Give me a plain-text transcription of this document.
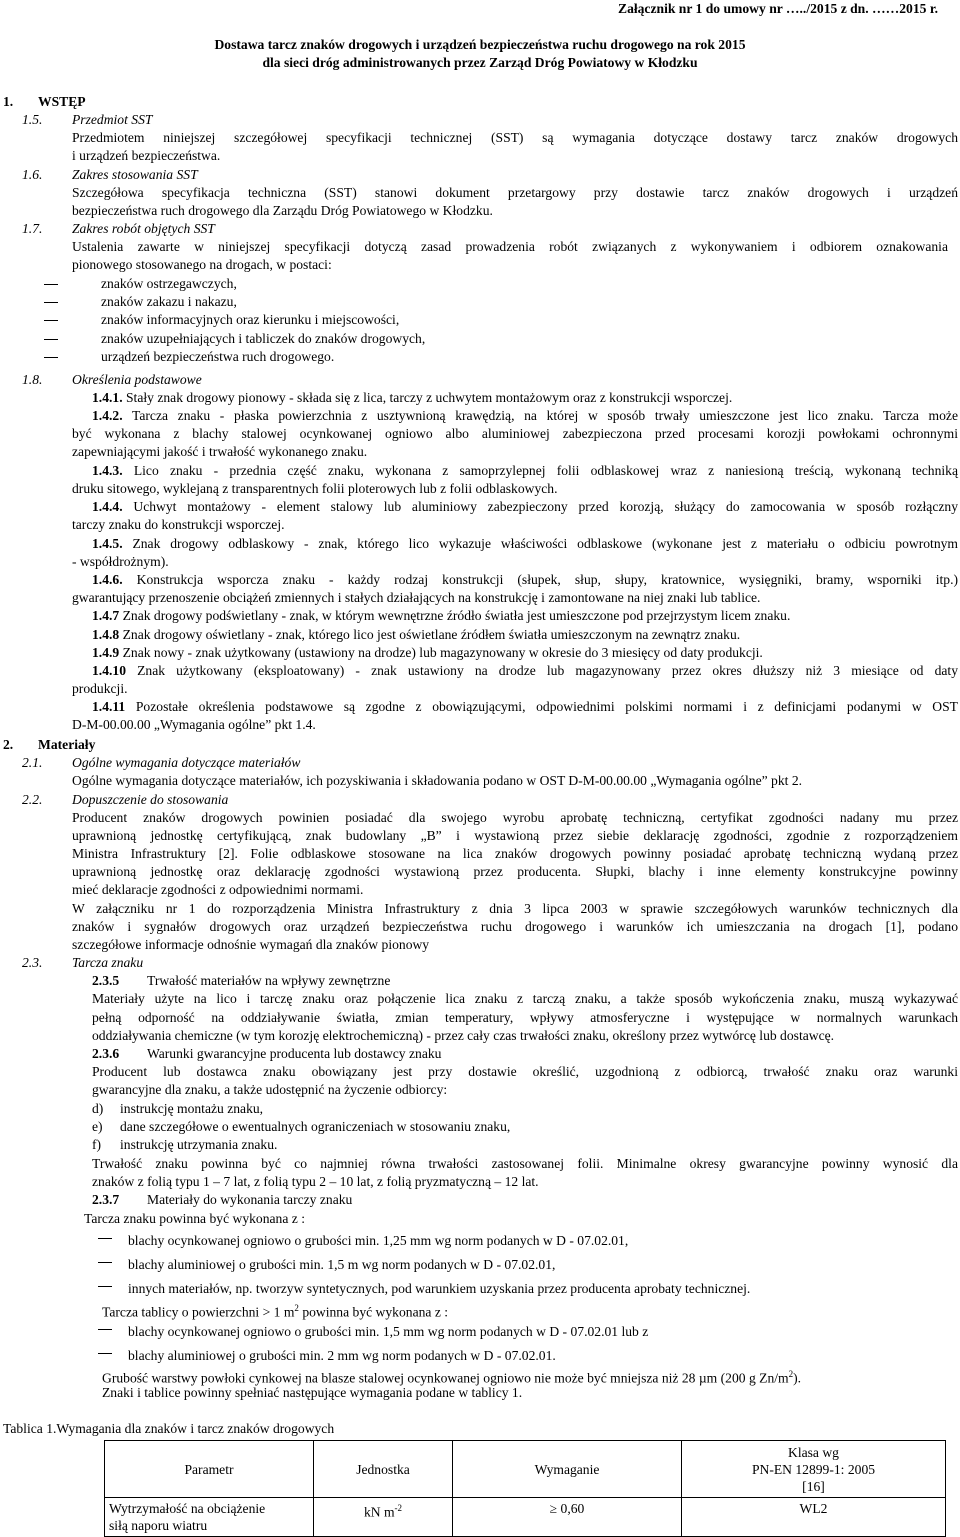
Załącznik nr 1 do umowy nr …../2015 z dn. ……2015 r.
Dostawa tarcz znaków drogowych i urządzeń bezpieczeństwa ruchu drogowego na rok 2015
dla sieci dróg administrowanych przez Zarząd Dróg Powiatowy w Kłodzku
1. WSTĘP
1.5. Przedmiot SST
Przedmiotem niniejszej szczegółowej specyfikacji technicznej (SST) są wymagania dotyczące dostawy tarcz znaków drogowych
i urządzeń bezpieczeństwa.
1.6. Zakres stosowania SST
Szczegółowa specyfikacja techniczna (SST) stanowi dokument przetargowy przy dostawie tarcz znaków drogowych i urządzeń
bezpieczeństwa ruch drogowego dla Zarządu Dróg Powiatowego w Kłodzku.
1.7. Zakres robót objętych SST
Ustalenia zawarte w niniejszej specyfikacji dotyczą zasad prowadzenia robót związanych z wykonywaniem i odbiorem oznakowania
pionowego stosowanego na drogach, w postaci:
znaków ostrzegawczych,
znaków zakazu i nakazu,
znaków informacyjnych oraz kierunku i miejscowości,
znaków uzupełniających i tabliczek do znaków drogowych,
urządzeń bezpieczeństwa ruch drogowego.
1.8. Określenia podstawowe
1.4.1. Stały znak drogowy pionowy - składa się z lica, tarczy z uchwytem montażowym oraz z konstrukcji wsporczej.
1.4.2. Tarcza znaku - płaska powierzchnia z usztywnioną krawędzią, na której w sposób trwały umieszczone jest lico znaku. Tarcza może
być wykonana z blachy stalowej ocynkowanej ogniowo albo aluminiowej zabezpieczona przed procesami korozji powłokami ochronnymi
zapewniającymi jakość i trwałość wykonanego znaku.
1.4.3. Lico znaku - przednia część znaku, wykonana z samoprzylepnej folii odblaskowej wraz z naniesioną treścią, wykonaną techniką
druku sitowego, wyklejaną z transparentnych folii ploterowych lub z folii odblaskowych.
1.4.4. Uchwyt montażowy - element stalowy lub aluminiowy zabezpieczony przed korozją, służący do zamocowania w sposób rozłączny
tarczy znaku do konstrukcji wsporczej.
1.4.5. Znak drogowy odblaskowy - znak, którego lico wykazuje właściwości odblaskowe (wykonane jest z materiału o odbiciu powrotnym
- współdrożnym).
1.4.6. Konstrukcja wsporcza znaku - każdy rodzaj konstrukcji (słupek, słup, słupy, kratownice, wysięgniki, bramy, wsporniki itp.)
gwarantujący przenoszenie obciążeń zmiennych i stałych działających na konstrukcję i zamontowane na niej znaki lub tablice.
1.4.7 Znak drogowy podświetlany - znak, w którym wewnętrzne źródło światła jest umieszczone pod przejrzystym licem znaku.
1.4.8 Znak drogowy oświetlany - znak, którego lico jest oświetlane źródłem światła umieszczonym na zewnątrz znaku.
1.4.9 Znak nowy - znak użytkowany (ustawiony na drodze) lub magazynowany w okresie do 3 miesięcy od daty produkcji.
1.4.10 Znak użytkowany (eksploatowany) - znak ustawiony na drodze lub magazynowany przez okres dłuższy niż 3 miesiące od daty
produkcji.
1.4.11 Pozostałe określenia podstawowe są zgodne z obowiązującymi, odpowiednimi polskimi normami i z definicjami podanymi w OST
D-M-00.00.00 „Wymagania ogólne” pkt 1.4.
2. Materiały
2.1. Ogólne wymagania dotyczące materiałów
Ogólne wymagania dotyczące materiałów, ich pozyskiwania i składowania podano w OST D-M-00.00.00 „Wymagania ogólne” pkt 2.
2.2. Dopuszczenie do stosowania
Producent znaków drogowych powinien posiadać dla swojego wyrobu aprobatę techniczną, certyfikat zgodności nadany mu przez
uprawnioną jednostkę certyfikującą, znak budowlany „B” i wystawioną przez siebie deklarację zgodności, zgodnie z rozporządzeniem
Ministra Infrastruktury [2]. Folie odblaskowe stosowane na lica znaków drogowych powinny posiadać aprobatę techniczną wydaną przez
uprawnioną jednostkę oraz deklarację zgodności wystawioną przez producenta. Słupki, blachy i inne elementy konstrukcyjne powinny
mieć deklaracje zgodności z odpowiednimi normami.
W załączniku nr 1 do rozporządzenia Ministra Infrastruktury z dnia 3 lipca 2003 w sprawie szczegółowych warunków technicznych dla
znaków i sygnałów drogowych oraz urządzeń bezpieczeństwa ruchu drogowego i warunków ich umieszczania na drogach [1], podano
szczegółowe informacje odnośnie wymagań dla znaków pionowy
2.3. Tarcza znaku
2.3.5 Trwałość materiałów na wpływy zewnętrzne
Materiały użyte na lico i tarczę znaku oraz połączenie lica znaku z tarczą znaku, a także sposób wykończenia znaku, muszą wykazywać
pełną odporność na oddziaływanie światła, zmian temperatury, wpływy atmosferyczne i występujące w normalnych warunkach
oddziaływania chemiczne (w tym korozję elektrochemiczną) - przez cały czas trwałości znaku, określony przez wytwórcę lub dostawcę.
2.3.6 Warunki gwarancyjne producenta lub dostawcy znaku
Producent lub dostawca znaku obowiązany jest przy dostawie określić, uzgodnioną z odbiorcą, trwałość znaku oraz warunki
gwarancyjne dla znaku, a także udostępnić na życzenie odbiorcy:
d) instrukcję montażu znaku,
e) dane szczegółowe o ewentualnych ograniczeniach w stosowaniu znaku,
f) instrukcję utrzymania znaku.
Trwałość znaku powinna być co najmniej równa trwałości zastosowanej folii. Minimalne okresy gwarancyjne powinny wynosić dla
znaków z folią typu 1 – 7 lat, z folią typu 2 – 10 lat, z folią pryzmatyczną – 12 lat.
2.3.7 Materiały do wykonania tarczy znaku
Tarcza znaku powinna być wykonana z :
blachy ocynkowanej ogniowo o grubości min. 1,25 mm wg norm podanych w D - 07.02.01,
blachy aluminiowej o grubości min. 1,5 m wg norm podanych w D - 07.02.01,
innych materiałów, np. tworzyw syntetycznych, pod warunkiem uzyskania przez producenta aprobaty technicznej.
Tarcza tablicy o powierzchni > 1 $m^2$ powinna być wykonana z :
blachy ocynkowanej ogniowo o grubości min. 1,5 mm wg norm podanych w D - 07.02.01 lub z
blachy aluminiowej o grubości min. 2 mm wg norm podanych w D - 07.02.01.
Grubość warstwy powłoki cynkowej na blasze stalowej ocynkowanej ogniowo nie może być mniejsza niż 28 µm (200 g $Zn/m^2$).
Znaki i tablice powinny spełniać następujące wymagania podane w tablicy 1.
Tablica 1.Wymagania dla znaków i tarcz znaków drogowych
Parametr	Jednostka	Wymaganie	Klasa wg
PN-EN 12899-1: 2005
[16]

Wytrzymałość na obciążenie
siłą naporu wiatru	kN $m^{-2}$	≥ 0,60	WL2
